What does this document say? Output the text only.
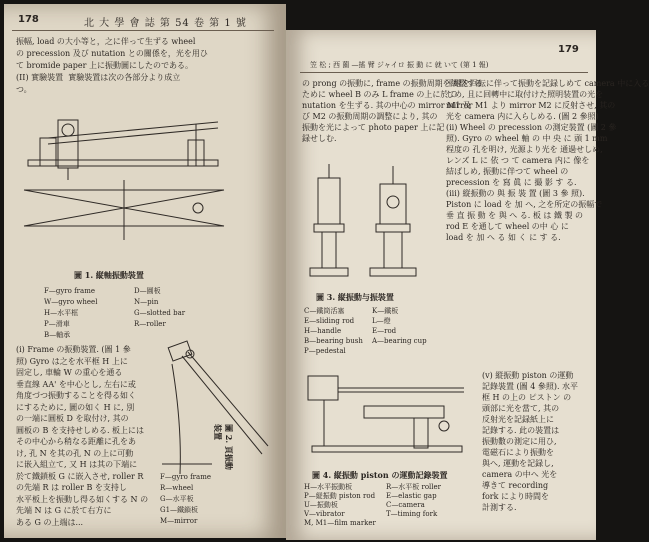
178	北 大 學 會 誌 第 54 卷 第 1 號
振幅, load の大小等と，之に伴って生ずる wheel
の precession 及び nutation との關係を，光を用ひ
て bromide paper 上に振動圖にしたのである。
(II) 實驗裝置  實驗裝置は次の各部分より成立
つ。
圖 1. 縦軸振動裝置
F—gyro frame
W—gyro wheel
H—水平框
P—滑車
B—軸承
D—圓板
N—pin
G—slotted bar
R—roller
(i) Frame の振動裝置. (圖 1 參
照) Gyro は之を水平框 H 上に
固定し, 車輪 W の重心を通る
垂直線 AA' を中心とし, 左右に或
角度づつ振動することを得る如く
にするために, 圖の如く H に, 別
の一端に圓板 D を取付け, 其の
圓板の B を支持せしめる. 板上には
その中心から稍なる距離に孔をあ
け, 孔 N を其の孔 N の上に可動
に嵌入組立て, 又 H は其の下端に
於て鐵鎖板 G に嵌入させ, roller R
の先端 R は roller B を支持し
水平板上を振動し得る如くする N の
先端 N は G に於て右方に
ある G の上端は...
圖 2. 頁振動装置
F—gyro frame
R—wheel
G—水平板
G1—鐵鎖板
M—mirror
179
笠 松 ; 西 薗 —搖 臂 ジャイロ 振 動 に 就 いて (第 1 報)
の prong の振動に, frame の振動周期を調整する
ために wheel B のみ L frame の上に於て
nutation を生ずる. 其の中心の mirror M1 及
び M2 の振動周期の調整により, 其の
振動を光によって photo paper 上に記
録せしむ.
平線を回転に伴って振動を記録しめて camera 中に入る
しめ, 且に回轉中に取付けた照明装置の光を
mirror M1 より mirror M2 に反射させ, 其の
光を camera 内に入らしめる. (圖 2 參照)
(ii) Wheel の precession の測定裝置 (圖 2 參
照). Gyro の wheel 軸 の 中 央 に 頭 1 mm
程度の 孔を明け, 光源より光を 通過せしめ,
レンズ L に 依 つ て camera 内に 像を
結ばしめ, 振動に伴つて wheel の
precession を 寫 眞 に 撮 影 す る.
(iii) 縦振動の 與 振 裝 置 (圖 3 參 照).
Piston に load を 加 へ, 之を所定の振幅で
垂 直 振 動 を 與 へ る. 板 は 鐵 製 の
rod E を通して wheel の中 心 に
load を 加 へ る 如 く に す る.
圖 3. 縦振動与振裝置
C—鐵筒活塞
E—sliding rod
H—handle
B—bearing bush
P—pedestal
K—鐵板
L—燈
E—rod
A—bearing cup
圖 4. 縦振動 piston の運動記錄裝置
H—水平振動板
P—縦振動 piston rod
U—振動板
V—vibrator
M, M1—film marker
R—水平板 roller
E—elastic gap
C—camera
T—timing fork
(v) 縦振動 piston の運動
記錄裝置 (圖 4 參照). 水平
框 H の上の ピストン の
頭部に光を當て, 其の
反射光を記録紙上に
記錄する. 此の裝置は
振動數の測定に用ひ,
電磁石により振動を
與へ, 運動を記録し,
camera の中へ 光を
導きて recording
fork により時間を
計測する.
